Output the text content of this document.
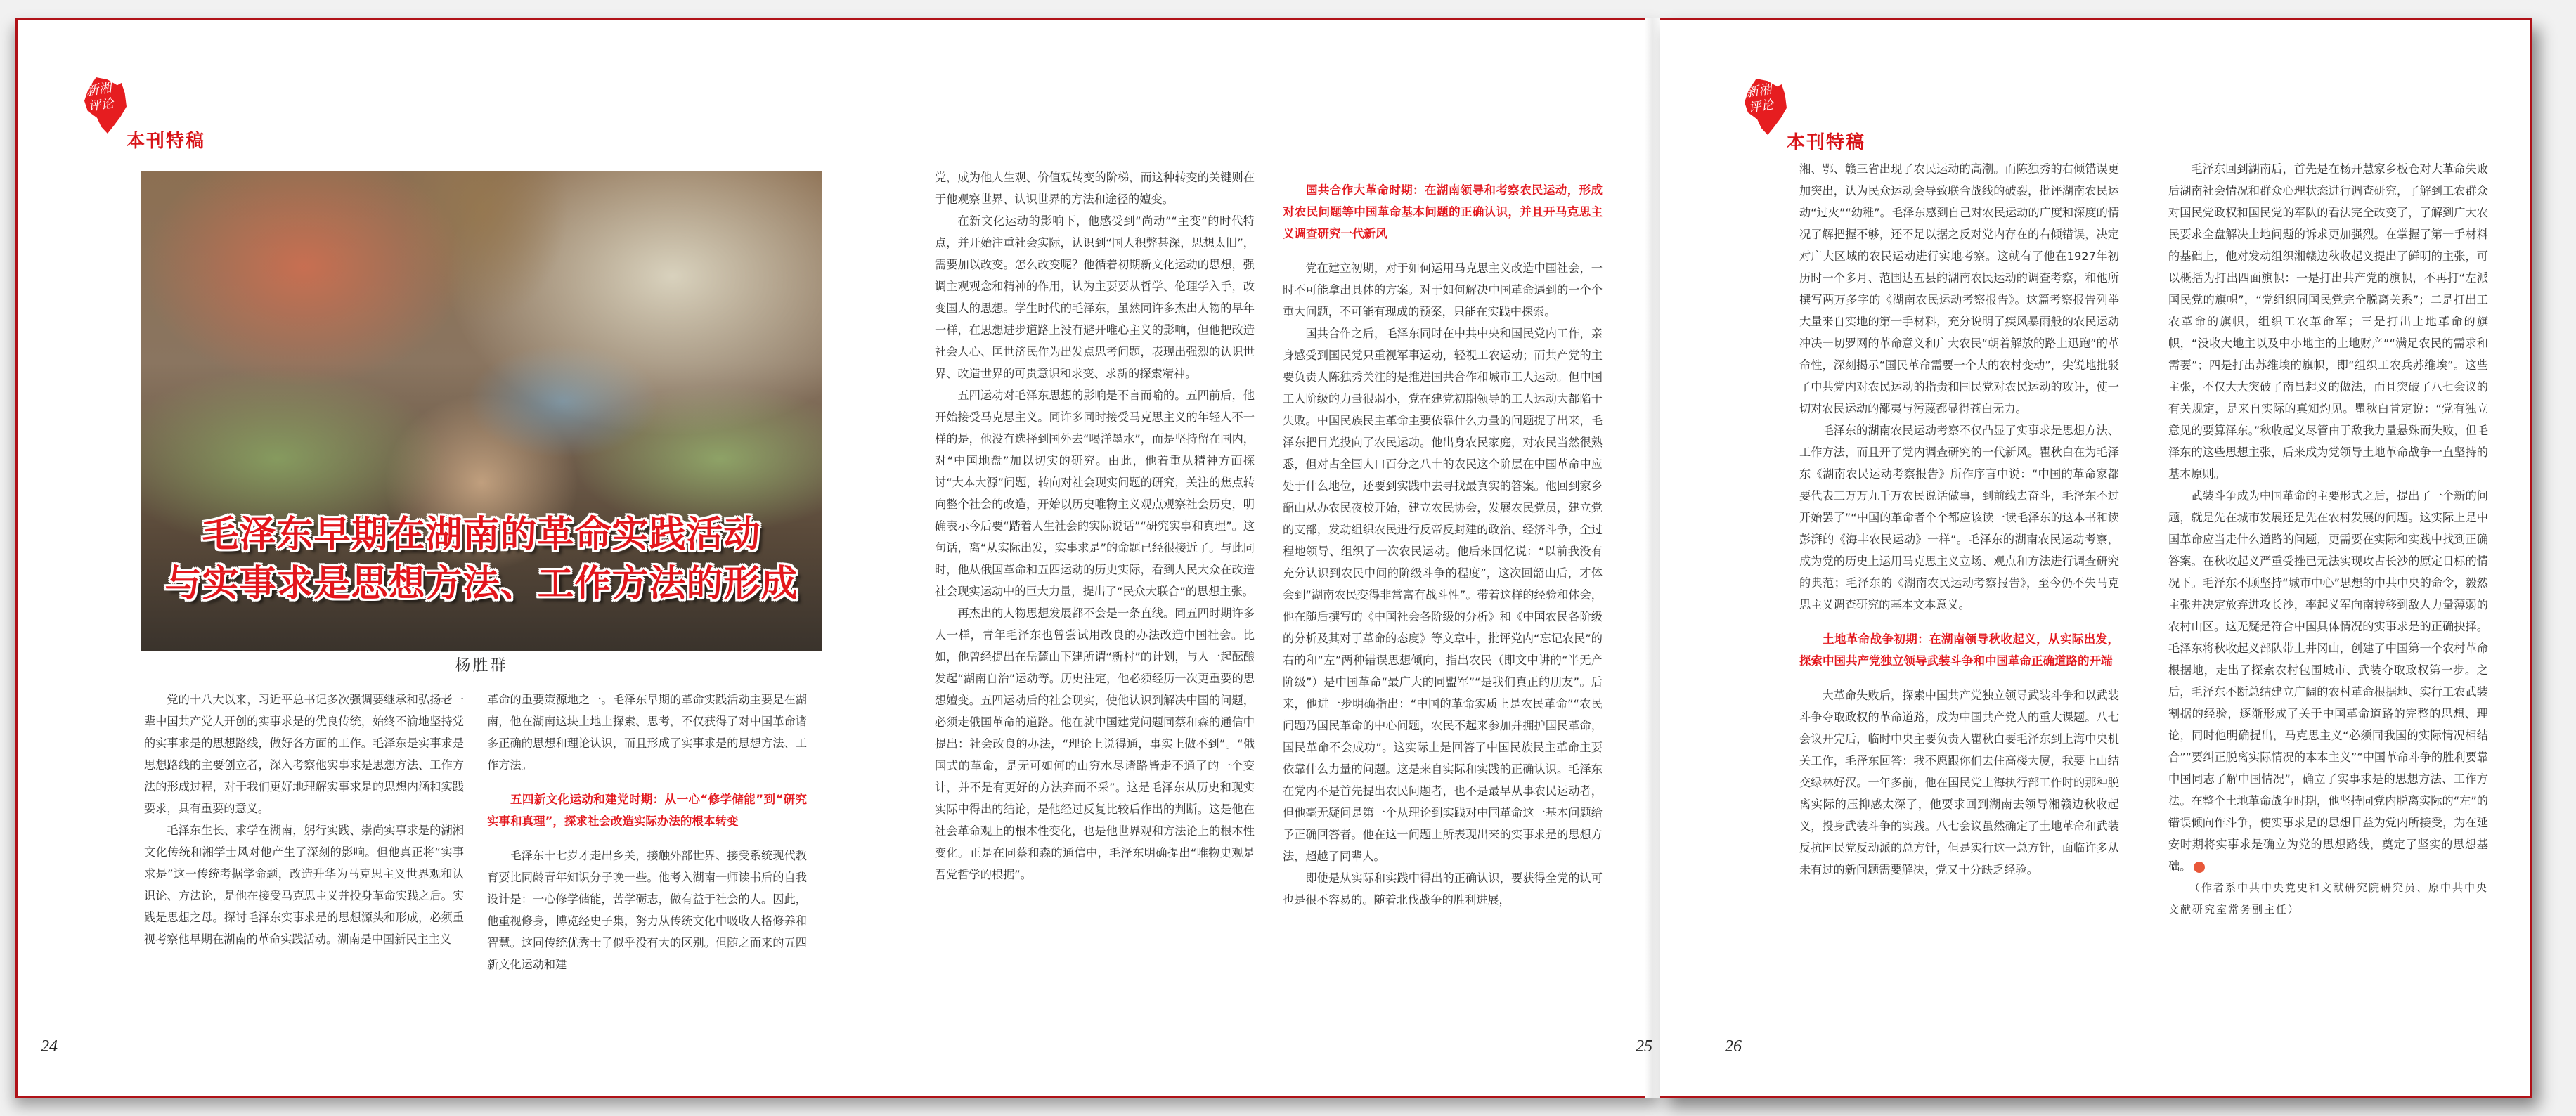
新湘评论
本刊特稿
新湘评论
本刊特稿
毛泽东早期在湖南的革命实践活动
与实事求是思想方法、工作方法的形成
杨胜群

党的十八大以来，习近平总书记多次强调要继承和弘扬老一辈中国共产党人开创的实事求是的优良传统，始终不渝地坚持党的实事求是的思想路线，做好各方面的工作。毛泽东是实事求是思想路线的主要创立者，深入考察他实事求是思想方法、工作方法的形成过程，对于我们更好地理解实事求是的思想内涵和实践要求，具有重要的意义。

毛泽东生长、求学在湖南，躬行实践、崇尚实事求是的湖湘文化传统和湘学士风对他产生了深刻的影响。但他真正将“实事求是”这一传统考据学命题，改造升华为马克思主义世界观和认识论、方法论，是他在接受马克思主义并投身革命实践之后。实践是思想之母。探讨毛泽东实事求是的思想源头和形成，必须重视考察他早期在湖南的革命实践活动。湖南是中国新民主主义

革命的重要策源地之一。毛泽东早期的革命实践活动主要是在湖南，他在湖南这块土地上探索、思考，不仅获得了对中国革命诸多正确的思想和理论认识，而且形成了实事求是的思想方法、工作方法。

五四新文化运动和建党时期：从一心“修学储能”到“研究实事和真理”，探求社会改造实际办法的根本转变

毛泽东十七岁才走出乡关，接触外部世界、接受系统现代教育要比同龄青年知识分子晚一些。他考入湖南一师读书后的自我设计是：一心修学储能，苦学砺志，做有益于社会的人。因此，他重视修身，博览经史子集，努力从传统文化中吸收人格修养和智慧。这同传统优秀士子似乎没有大的区别。但随之而来的五四新文化运动和建

党，成为他人生观、价值观转变的阶梯，而这种转变的关键则在于他观察世界、认识世界的方法和途径的嬗变。

在新文化运动的影响下，他感受到“尚动”“主变”的时代特点，并开始注重社会实际，认识到“国人积弊甚深，思想太旧”，需要加以改变。怎么改变呢？他循着初期新文化运动的思想，强调主观观念和精神的作用，认为主要要从哲学、伦理学入手，改变国人的思想。学生时代的毛泽东，虽然同许多杰出人物的早年一样，在思想进步道路上没有避开唯心主义的影响，但他把改造社会人心、匡世济民作为出发点思考问题，表现出强烈的认识世界、改造世界的可贵意识和求变、求新的探索精神。

五四运动对毛泽东思想的影响是不言而喻的。五四前后，他开始接受马克思主义。同许多同时接受马克思主义的年轻人不一样的是，他没有选择到国外去“喝洋墨水”，而是坚持留在国内，对“中国地盘”加以切实的研究。由此，他着重从精神方面探讨“大本大源”问题，转向对社会现实问题的研究，关注的焦点转向整个社会的改造，开始以历史唯物主义观点观察社会历史，明确表示今后要“踏着人生社会的实际说话”“研究实事和真理”。这句话，离“从实际出发，实事求是”的命题已经很接近了。与此同时，他从俄国革命和五四运动的历史实际，看到人民大众在改造社会现实运动中的巨大力量，提出了“民众大联合”的思想主张。

再杰出的人物思想发展都不会是一条直线。同五四时期许多人一样，青年毛泽东也曾尝试用改良的办法改造中国社会。比如，他曾经提出在岳麓山下建所谓“新村”的计划，与人一起酝酿发起“湖南自治”运动等。历史注定，他必须经历一次更重要的思想嬗变。五四运动后的社会现实，使他认识到解决中国的问题，必须走俄国革命的道路。他在就中国建党问题同蔡和森的通信中提出：社会改良的办法，“理论上说得通，事实上做不到”。“俄国式的革命，是无可如何的山穷水尽诸路皆走不通了的一个变计，并不是有更好的方法弃而不采”。这是毛泽东从历史和现实实际中得出的结论，是他经过反复比较后作出的判断。这是他在社会革命观上的根本性变化，也是他世界观和方法论上的根本性变化。正是在同蔡和森的通信中，毛泽东明确提出“唯物史观是吾党哲学的根据”。

国共合作大革命时期：在湖南领导和考察农民运动，形成对农民问题等中国革命基本问题的正确认识，并且开马克思主义调查研究一代新风

党在建立初期，对于如何运用马克思主义改造中国社会，一时不可能拿出具体的方案。对于如何解决中国革命遇到的一个个重大问题，不可能有现成的预案，只能在实践中探索。

国共合作之后，毛泽东同时在中共中央和国民党内工作，亲身感受到国民党只重视军事运动，轻视工农运动；而共产党的主要负责人陈独秀关注的是推进国共合作和城市工人运动。但中国工人阶级的力量很弱小，党在建党初期领导的工人运动大都陷于失败。中国民族民主革命主要依靠什么力量的问题提了出来，毛泽东把目光投向了农民运动。他出身农民家庭，对农民当然很熟悉，但对占全国人口百分之八十的农民这个阶层在中国革命中应处于什么地位，还要到实践中去寻找最真实的答案。他回到家乡韶山从办农民夜校开始，建立农民协会，发展农民党员，建立党的支部，发动组织农民进行反帝反封建的政治、经济斗争，全过程地领导、组织了一次农民运动。他后来回忆说：“以前我没有充分认识到农民中间的阶级斗争的程度”，这次回韶山后，才体会到“湖南农民变得非常富有战斗性”。带着这样的经验和体会，他在随后撰写的《中国社会各阶级的分析》和《中国农民各阶级的分析及其对于革命的态度》等文章中，批评党内“忘记农民”的右的和“左”两种错误思想倾向，指出农民（即文中讲的“半无产阶级”）是中国革命“最广大的同盟军”“是我们真正的朋友”。后来，他进一步明确指出：“中国的革命实质上是农民革命”“农民问题乃国民革命的中心问题，农民不起来参加并拥护国民革命，国民革命不会成功”。这实际上是回答了中国民族民主革命主要依靠什么力量的问题。这是来自实际和实践的正确认识。毛泽东在党内不是首先提出农民问题者，也不是最早从事农民运动者，但他毫无疑问是第一个从理论到实践对中国革命这一基本问题给予正确回答者。他在这一问题上所表现出来的实事求是的思想方法，超越了同辈人。

即使是从实际和实践中得出的正确认识，要获得全党的认可也是很不容易的。随着北伐战争的胜利进展，

湘、鄂、赣三省出现了农民运动的高潮。而陈独秀的右倾错误更加突出，认为民众运动会导致联合战线的破裂，批评湖南农民运动“过火”“幼稚”。毛泽东感到自己对农民运动的广度和深度的情况了解把握不够，还不足以据之反对党内存在的右倾错误，决定对广大区域的农民运动进行实地考察。这就有了他在1927年初历时一个多月、范围达五县的湖南农民运动的调查考察，和他所撰写两万多字的《湖南农民运动考察报告》。这篇考察报告列举大量来自实地的第一手材料，充分说明了疾风暴雨般的农民运动冲决一切罗网的革命意义和广大农民“朝着解放的路上迅跑”的革命性，深刻揭示“国民革命需要一个大的农村变动”，尖锐地批驳了中共党内对农民运动的指责和国民党对农民运动的攻讦，使一切对农民运动的鄙夷与污蔑都显得苍白无力。

毛泽东的湖南农民运动考察不仅凸显了实事求是思想方法、工作方法，而且开了党内调查研究的一代新风。瞿秋白在为毛泽东《湖南农民运动考察报告》所作序言中说：“中国的革命家都要代表三万万九千万农民说话做事，到前线去奋斗，毛泽东不过开始罢了”“中国的革命者个个都应该读一读毛泽东的这本书和读彭湃的《海丰农民运动》一样”。毛泽东的湖南农民运动考察，成为党的历史上运用马克思主义立场、观点和方法进行调查研究的典范；毛泽东的《湖南农民运动考察报告》，至今仍不失马克思主义调查研究的基本文本意义。

土地革命战争初期：在湖南领导秋收起义，从实际出发，探索中国共产党独立领导武装斗争和中国革命正确道路的开端

大革命失败后，探索中国共产党独立领导武装斗争和以武装斗争夺取政权的革命道路，成为中国共产党人的重大课题。八七会议开完后，临时中央主要负责人瞿秋白要毛泽东到上海中央机关工作，毛泽东回答：我不愿跟你们去住高楼大厦，我要上山结交绿林好汉。一年多前，他在国民党上海执行部工作时的那种脱离实际的压抑感太深了，他要求回到湖南去领导湘赣边秋收起义，投身武装斗争的实践。八七会议虽然确定了土地革命和武装反抗国民党反动派的总方针，但是实行这一总方针，面临许多从未有过的新问题需要解决，党又十分缺乏经验。

毛泽东回到湖南后，首先是在杨开慧家乡板仓对大革命失败后湖南社会情况和群众心理状态进行调查研究，了解到工农群众对国民党政权和国民党的军队的看法完全改变了，了解到广大农民要求全盘解决土地问题的诉求更加强烈。在掌握了第一手材料的基础上，他对发动组织湘赣边秋收起义提出了鲜明的主张，可以概括为打出四面旗帜：一是打出共产党的旗帜，不再打“左派国民党的旗帜”，“党组织同国民党完全脱离关系”；二是打出工农革命的旗帜，组织工农革命军；三是打出土地革命的旗帜，“没收大地主以及中小地主的土地财产”“满足农民的需求和需要”；四是打出苏维埃的旗帜，即“组织工农兵苏维埃”。这些主张，不仅大大突破了南昌起义的做法，而且突破了八七会议的有关规定，是来自实际的真知灼见。瞿秋白肯定说：“党有独立意见的要算泽东。”秋收起义尽管由于敌我力量悬殊而失败，但毛泽东的这些思想主张，后来成为党领导土地革命战争一直坚持的基本原则。

武装斗争成为中国革命的主要形式之后，提出了一个新的问题，就是先在城市发展还是先在农村发展的问题。这实际上是中国革命应当走什么道路的问题，更需要在实际和实践中找到正确答案。在秋收起义严重受挫已无法实现攻占长沙的原定目标的情况下。毛泽东不顾坚持“城市中心”思想的中共中央的命令，毅然主张并决定放弃进攻长沙，率起义军向南转移到敌人力量薄弱的农村山区。这无疑是符合中国具体情况的实事求是的正确抉择。毛泽东将秋收起义部队带上井冈山，创建了中国第一个农村革命根据地，走出了探索农村包围城市、武装夺取政权第一步。之后，毛泽东不断总结建立广阔的农村革命根据地、实行工农武装割据的经验，逐渐形成了关于中国革命道路的完整的思想、理论，同时他明确提出，马克思主义“必须同我国的实际情况相结合”“要纠正脱离实际情况的本本主义”“中国革命斗争的胜利要靠中国同志了解中国情况”，确立了实事求是的思想方法、工作方法。在整个土地革命战争时期，他坚持同党内脱离实际的“左”的错误倾向作斗争，使实事求是的思想日益为党内所接受，为在延安时期将实事求是确立为党的思想路线，奠定了坚实的思想基础。

（作者系中共中央党史和文献研究院研究员、原中共中央文献研究室常务副主任）

24	25	26
